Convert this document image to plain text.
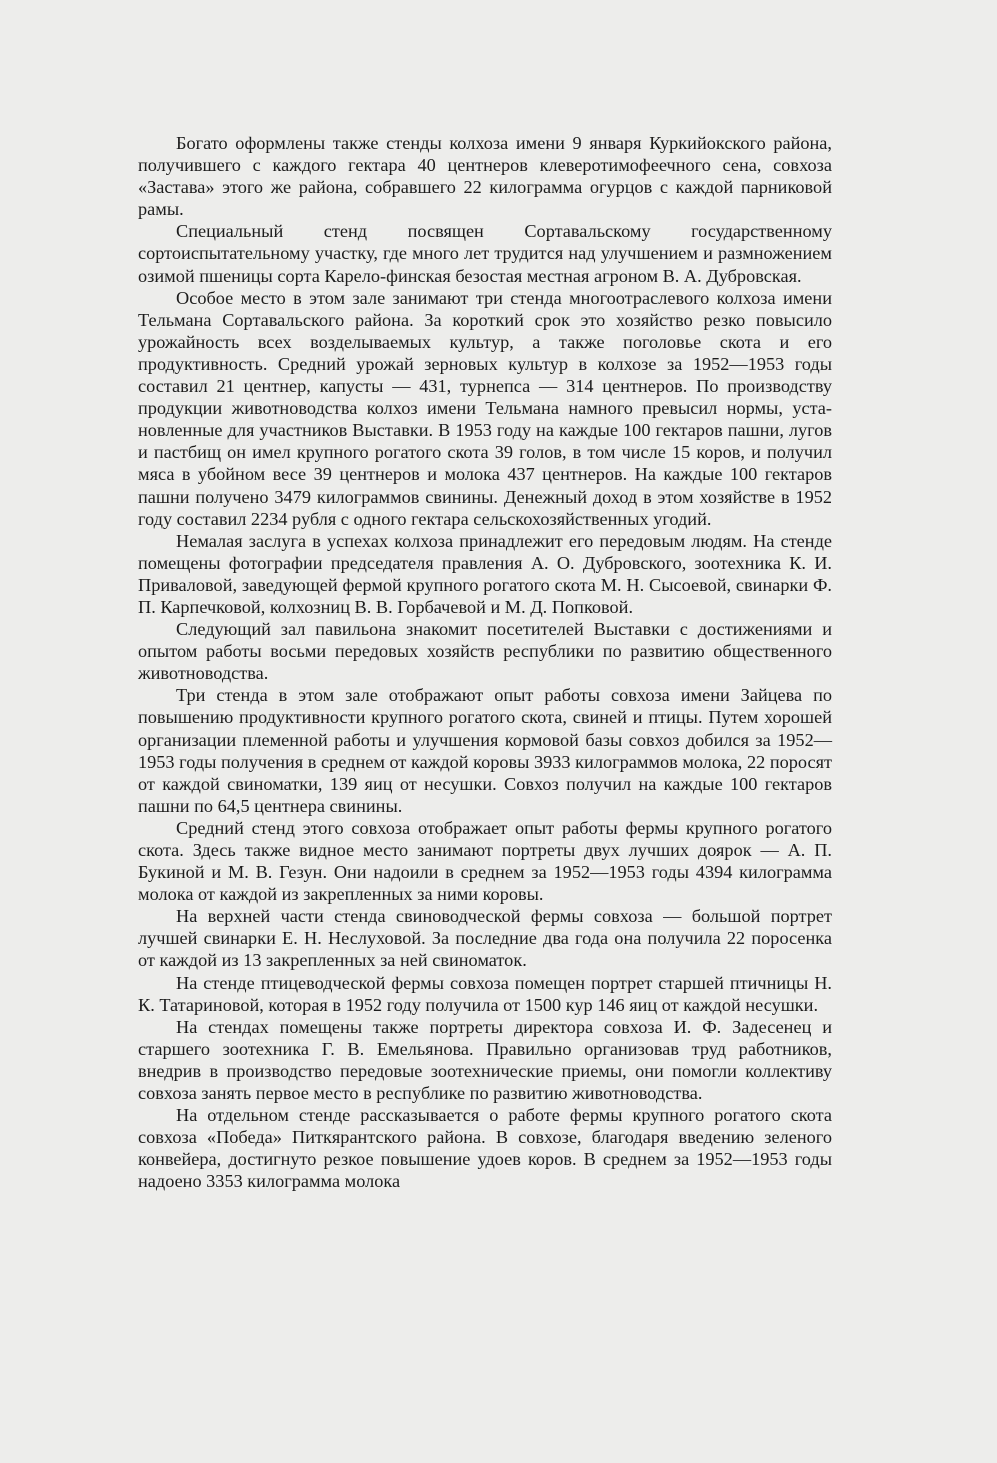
Богато оформлены также стенды колхоза имени 9 января Куркийокского района, получившего с каждого гектара 40 центнеров клеверотимофеечного сена, совхоза «Застава» этого же района, собравшего 22 килограмма огурцов с каждой парниковой рамы.

Специальный стенд посвящен Сортавальскому государственному сортоиспытательному участку, где много лет трудится над улучшением и размножением озимой пшеницы сорта Карело-финская безостая местная агроном В. А. Дубровская.

Особое место в этом зале занимают три стенда многоотраслевого колхоза имени Тельмана Сортавальского района. За короткий срок это хозяйство резко повысило урожайность всех возделываемых культур, а также поголовье скота и его продуктивность. Средний урожай зерновых культур в колхозе за 1952—1953 годы составил 21 центнер, капусты — 431, турнепса — 314 центнеров. По производству продукции животноводства колхоз имени Тельмана намного превысил нормы, установленные для участников Выставки. В 1953 году на каждые 100 гектаров пашни, лугов и пастбищ он имел крупного рогатого скота 39 голов, в том числе 15 коров, и получил мяса в убойном весе 39 центнеров и молока 437 центнеров. На каждые 100 гектаров пашни получено 3479 килограммов свинины. Денежный доход в этом хозяйстве в 1952 году составил 2234 рубля с одного гектара сельскохозяйственных угодий.

Немалая заслуга в успехах колхоза принадлежит его передовым людям. На стенде помещены фотографии председателя правления А. О. Дубровского, зоотехника К. И. Приваловой, заведующей фермой крупного рогатого скота М. Н. Сысоевой, свинарки Ф. П. Карпечковой, колхозниц В. В. Горбачевой и М. Д. Попковой.

Следующий зал павильона знакомит посетителей Выставки с достижениями и опытом работы восьми передовых хозяйств республики по развитию общественного животноводства.

Три стенда в этом зале отображают опыт работы совхоза имени Зайцева по повышению продуктивности крупного рогатого скота, свиней и птицы. Путем хорошей организации племенной работы и улучшения кормовой базы совхоз добился за 1952—1953 годы получения в среднем от каждой коровы 3933 килограммов молока, 22 поросят от каждой свиноматки, 139 яиц от несушки. Совхоз получил на каждые 100 гектаров пашни по 64,5 центнера свинины.

Средний стенд этого совхоза отображает опыт работы фермы крупного рогатого скота. Здесь также видное место занимают портреты двух лучших доярок — А. П. Букиной и М. В. Гезун. Они надоили в среднем за 1952—1953 годы 4394 килограмма молока от каждой из закрепленных за ними коровы.

На верхней части стенда свиноводческой фермы совхоза — большой портрет лучшей свинарки Е. Н. Неслуховой. За последние два года она получила 22 поросенка от каждой из 13 закрепленных за ней свиноматок.

На стенде птицеводческой фермы совхоза помещен портрет старшей птичницы Н. К. Татариновой, которая в 1952 году получила от 1500 кур 146 яиц от каждой несушки.

На стендах помещены также портреты директора совхоза И. Ф. Задесенец и старшего зоотехника Г. В. Емельянова. Правильно организовав труд работников, внедрив в производство передовые зоотехнические приемы, они помогли коллективу совхоза занять первое место в республике по развитию животноводства.

На отдельном стенде рассказывается о работе фермы крупного рогатого скота совхоза «Победа» Питкярантского района. В совхозе, благодаря введению зеленого конвейера, достигнуто резкое повышение удоев коров. В среднем за 1952—1953 годы надоено 3353 килограмма молока
